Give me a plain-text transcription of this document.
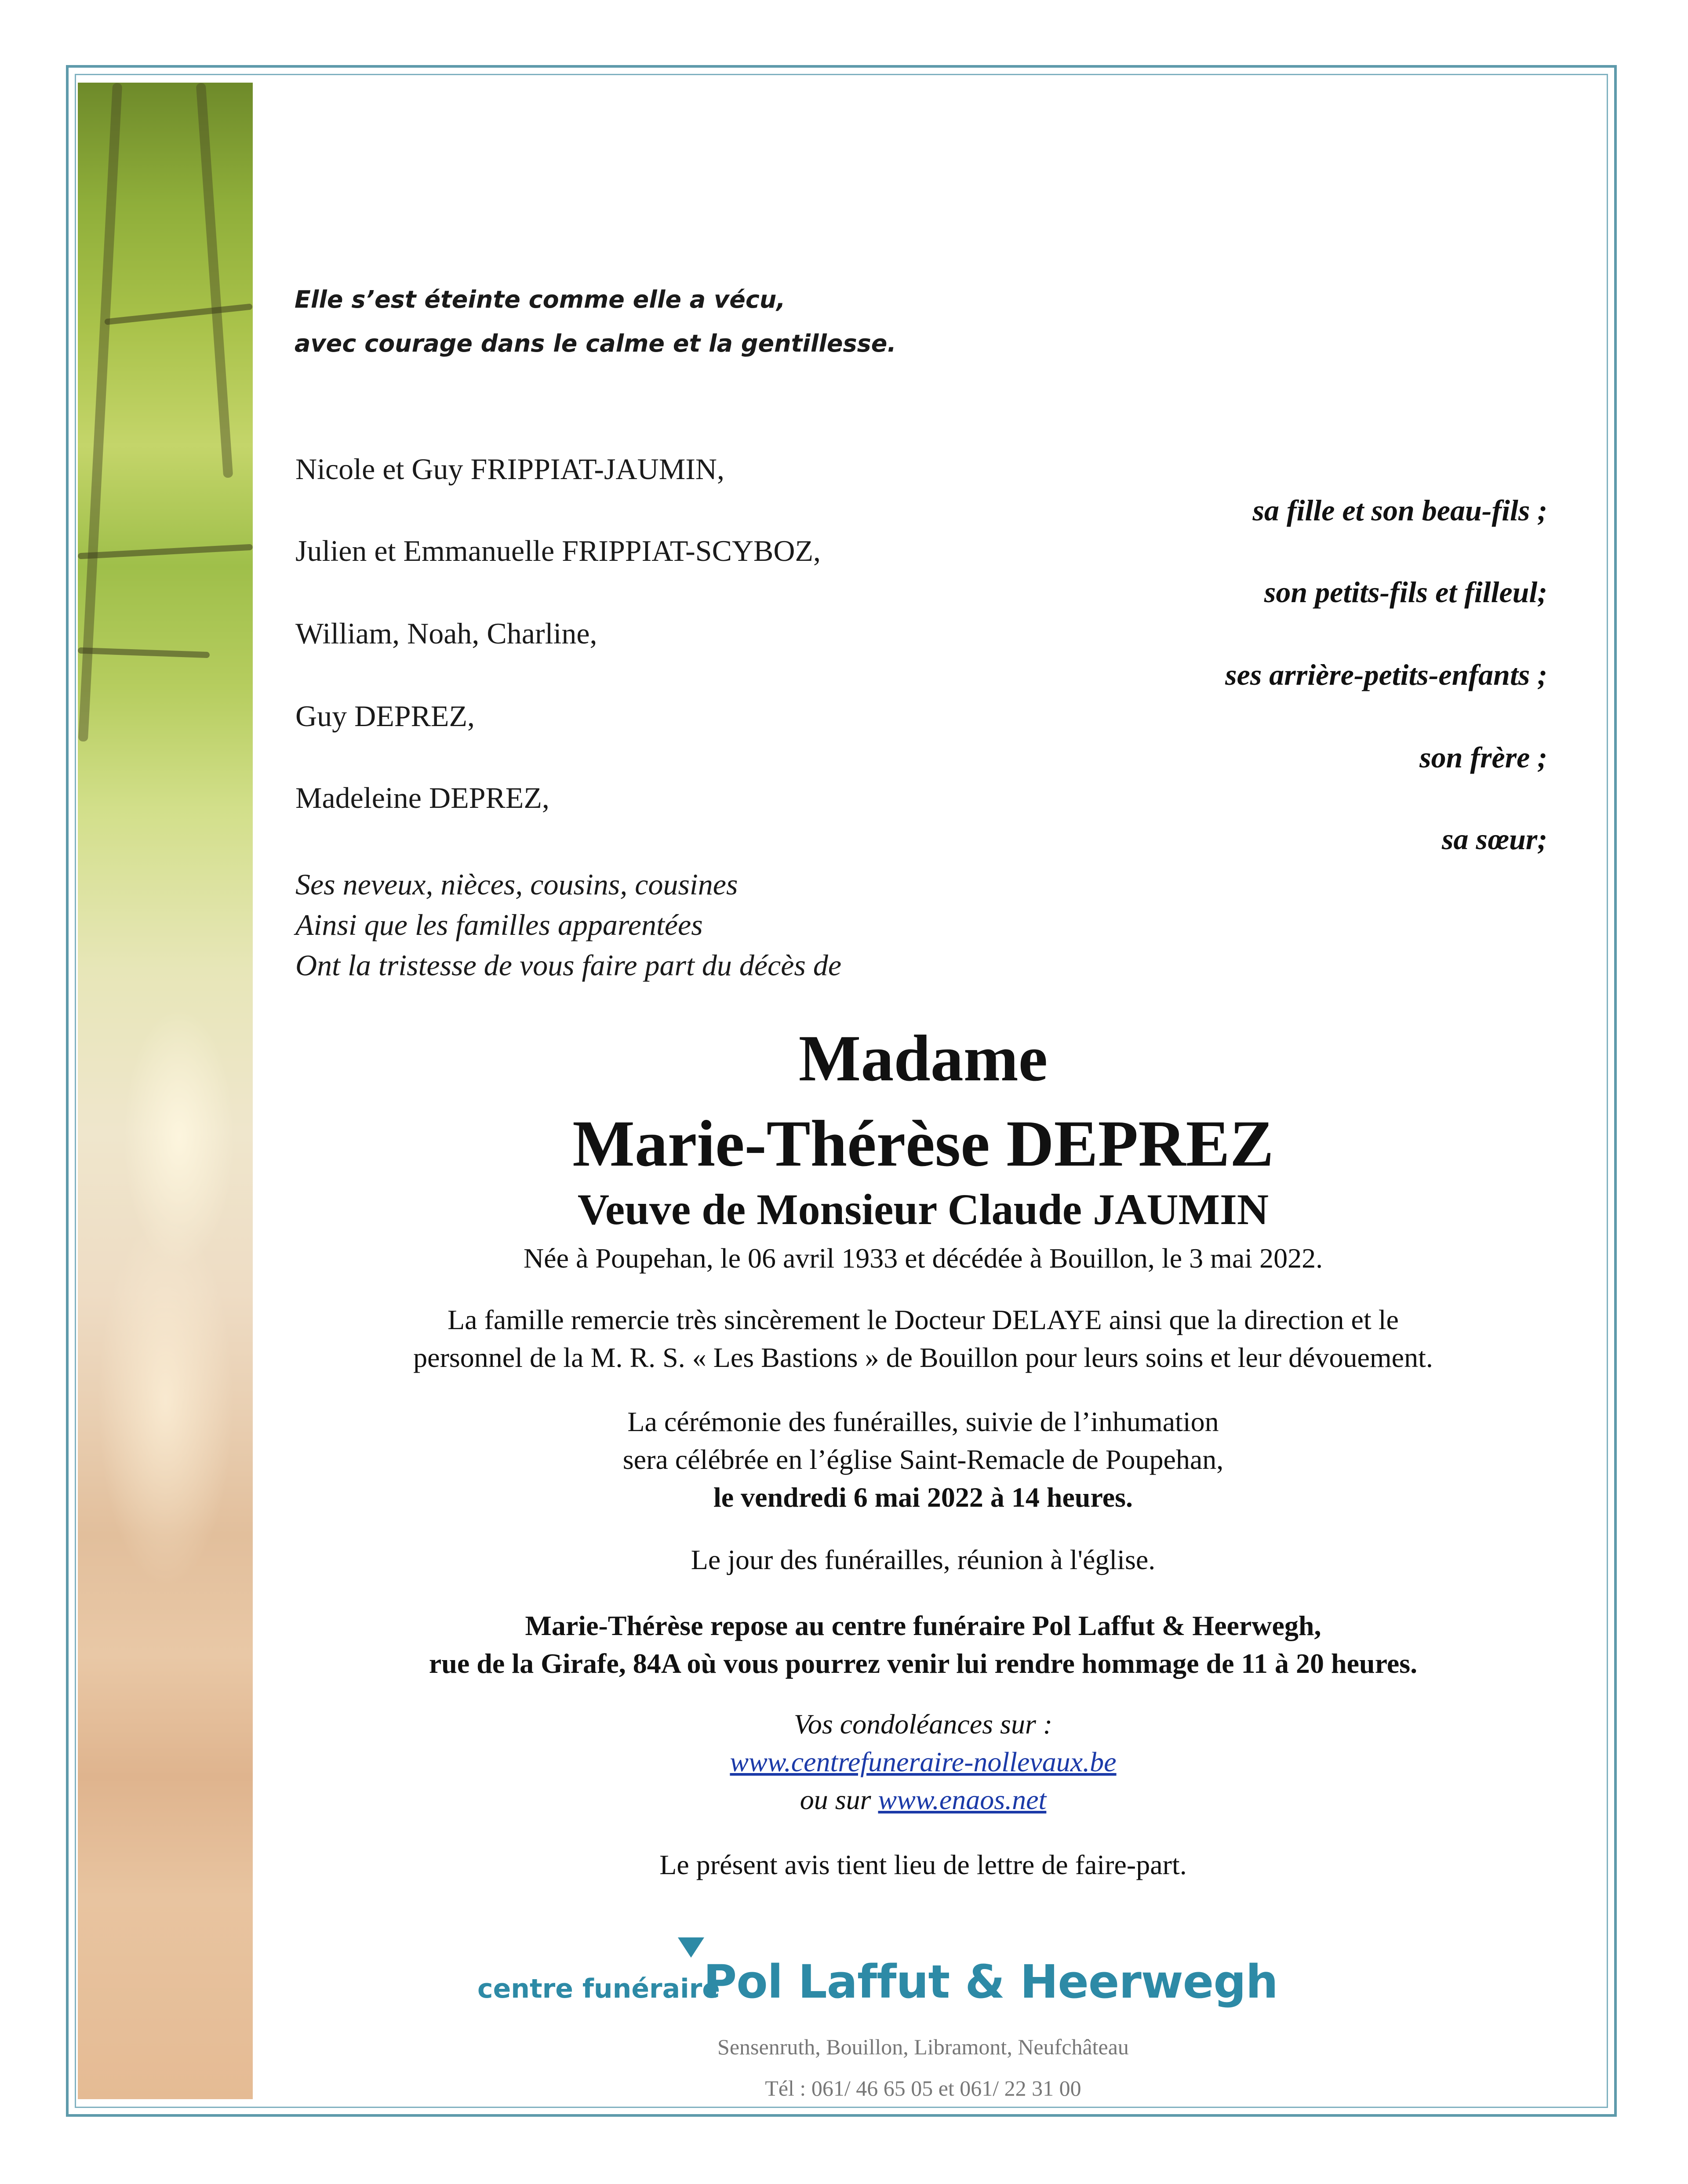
Elle s’est éteinte comme elle a vécu,
avec courage dans le calme et la gentillesse.
Nicole et Guy FRIPPIAT-JAUMIN,
sa fille et son beau-fils ;
Julien et Emmanuelle FRIPPIAT-SCYBOZ,
son petits-fils et filleul;
William, Noah, Charline,
ses arrière-petits-enfants ;
Guy DEPREZ,
son frère ;
Madeleine DEPREZ,
sa sœur;
Ses neveux, nièces, cousins, cousines
Ainsi que les familles apparentées
Ont la tristesse de vous faire part du décès de
Madame
Marie-Thérèse DEPREZ
Veuve de Monsieur Claude JAUMIN
Née à Poupehan, le 06 avril 1933 et décédée à Bouillon, le 3 mai 2022.
La famille remercie très sincèrement le Docteur DELAYE ainsi que la direction et le
personnel de la M. R. S. « Les Bastions » de Bouillon pour leurs soins et leur dévouement.
La cérémonie des funérailles, suivie de l’inhumation
sera célébrée en l’église Saint-Remacle de Poupehan,
le vendredi 6 mai 2022 à 14 heures.
Le jour des funérailles, réunion à l'église.
Marie-Thérèse repose au centre funéraire Pol Laffut & Heerwegh,
rue de la Girafe, 84A où vous pourrez venir lui rendre hommage de 11 à 20 heures.
Vos condoléances sur :
www.centrefuneraire-nollevaux.be
ou sur www.enaos.net
Le présent avis tient lieu de lettre de faire-part.
centre funéraire
Pol Laffut & Heerwegh
Sensenruth, Bouillon, Libramont, Neufchâteau
Tél : 061/ 46 65 05 et 061/ 22 31 00
